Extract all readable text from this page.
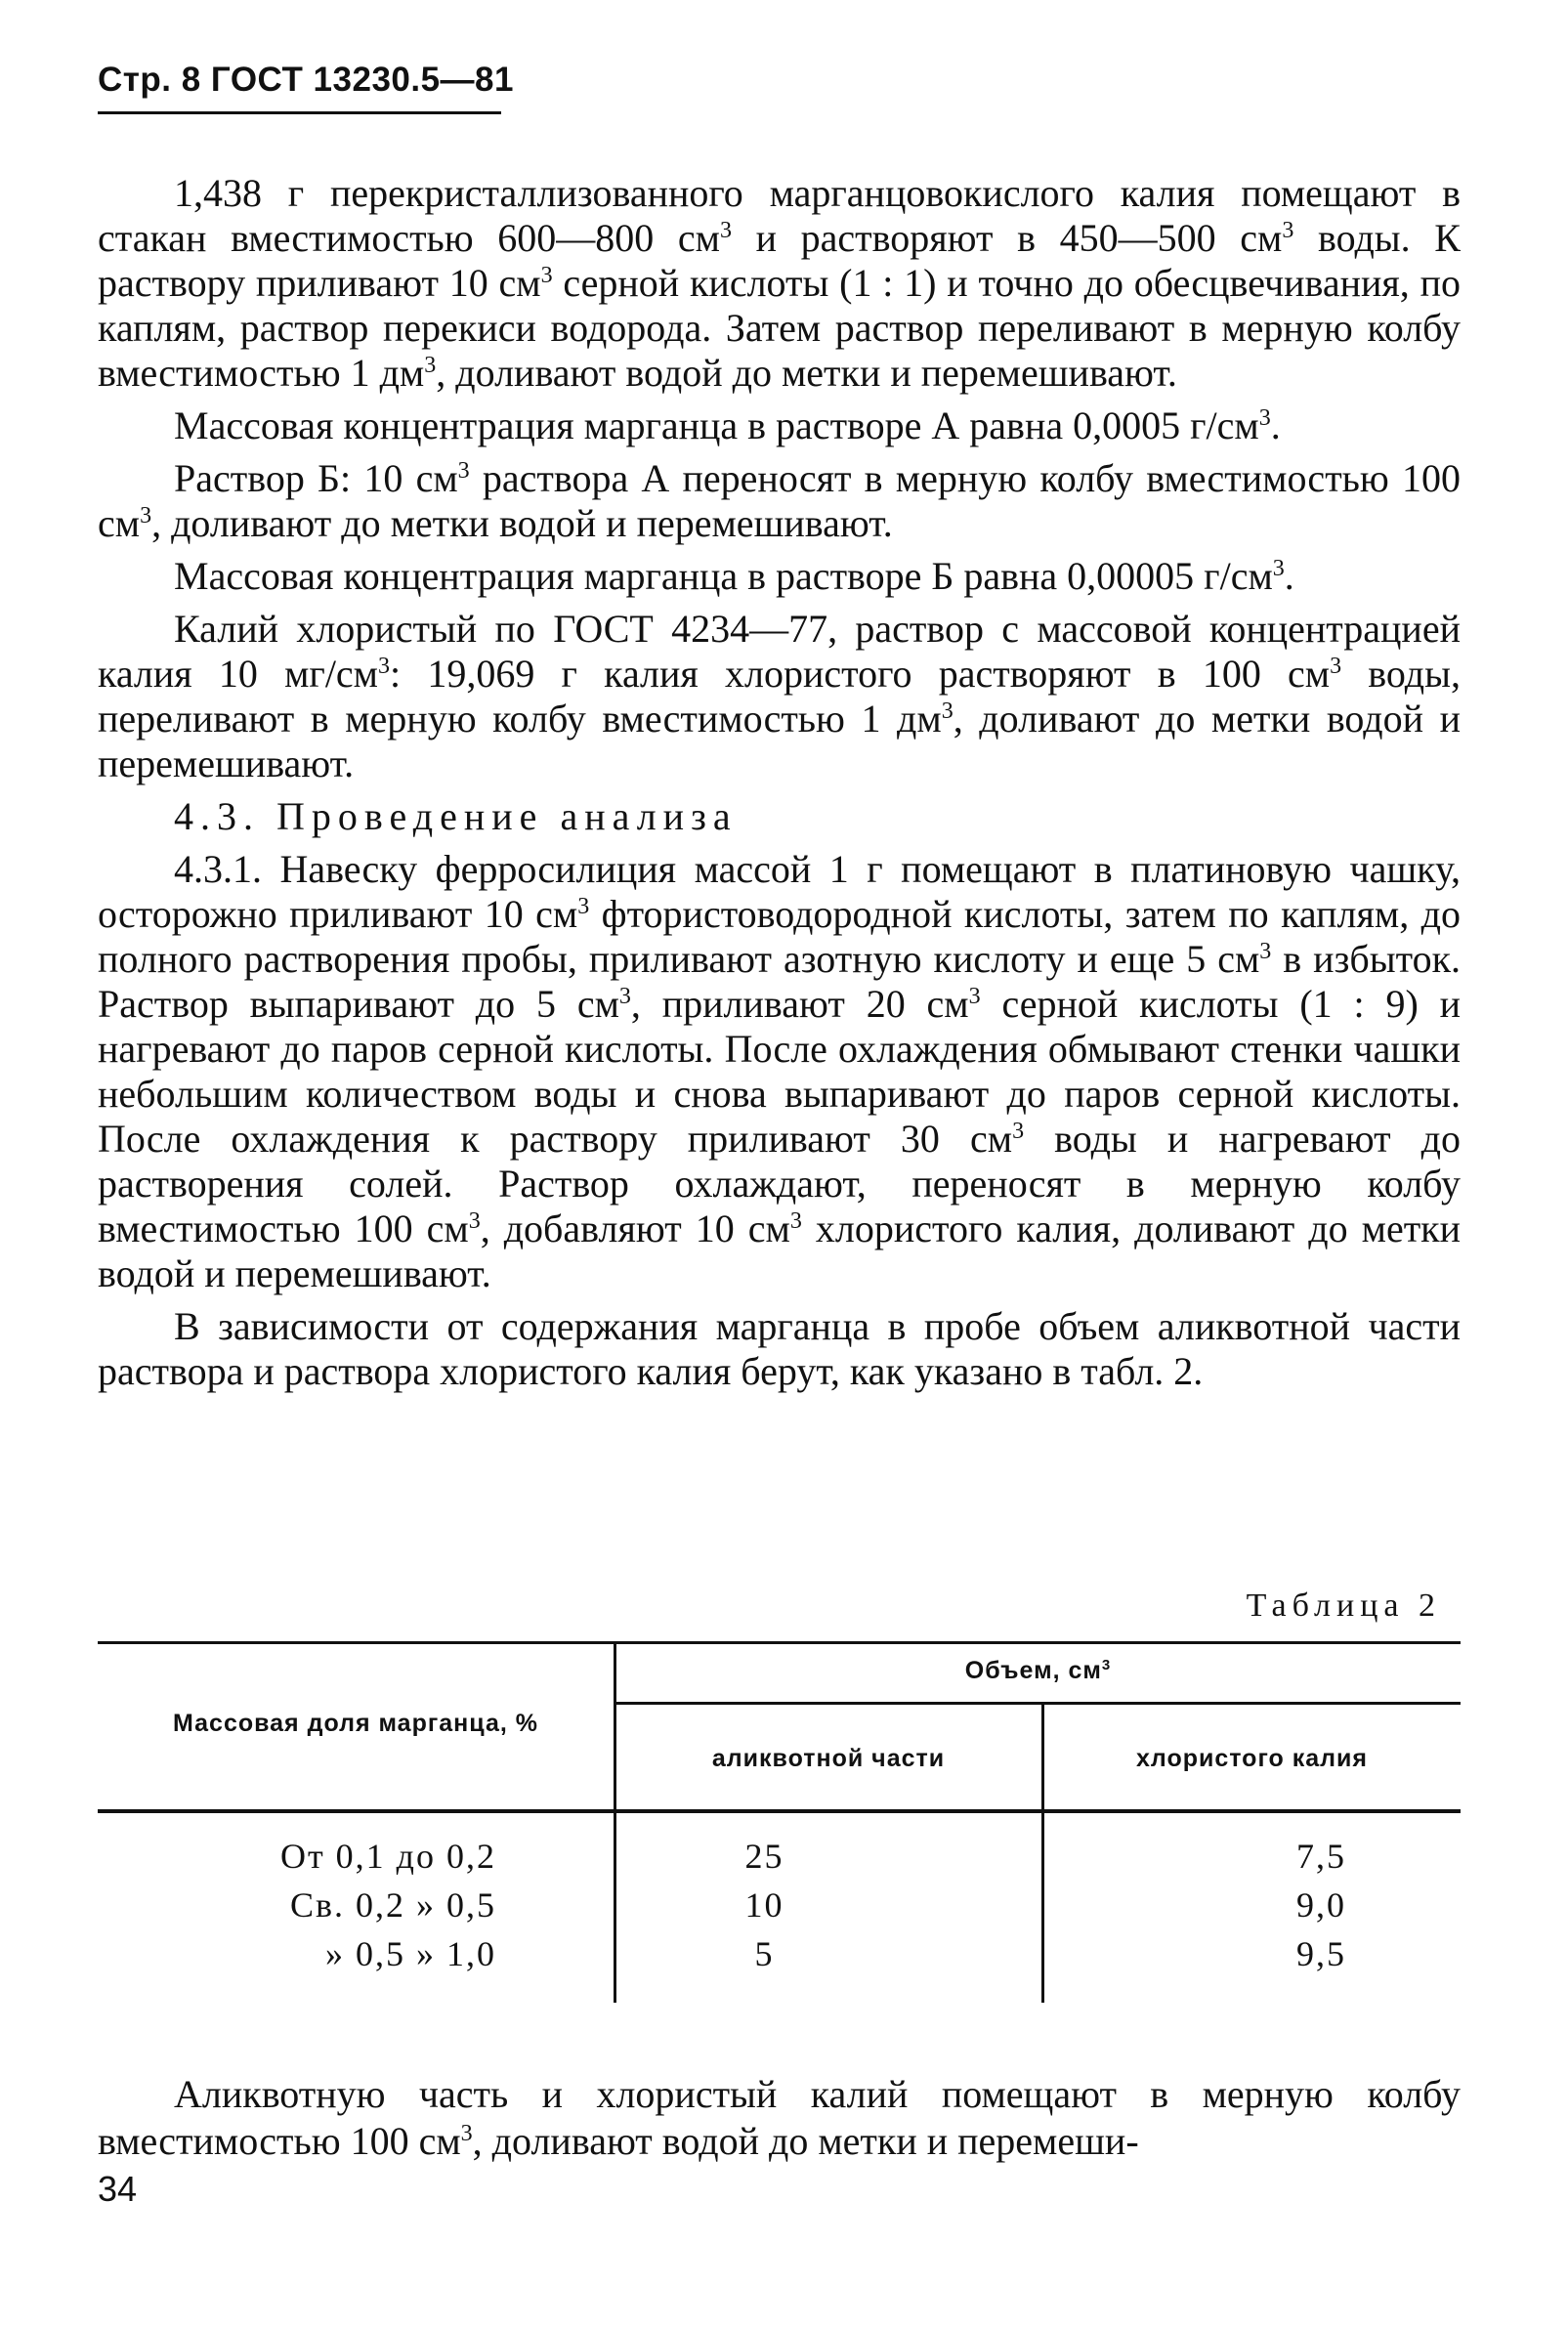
Стр. 8 ГОСТ 13230.5—81

1,438 г перекристаллизованного марганцовокислого калия помещают в стакан вместимостью 600—800 $см^3$ и растворяют в 450—500 $см^3$ воды. К раствору приливают 10 $см^3$ серной кислоты (1 : 1) и точно до обесцвечивания, по каплям, раствор перекиси водорода. Затем раствор переливают в мерную колбу вместимостью 1 $дм^3$, доливают водой до метки и перемешивают.

Массовая концентрация марганца в растворе А равна 0,0005 $г/см^3$.

Раствор Б: 10 $см^3$ раствора А переносят в мерную колбу вместимостью 100 $см^3$, доливают до метки водой и перемешивают.

Массовая концентрация марганца в растворе Б равна 0,00005 $г/см^3$.

Калий хлористый по ГОСТ 4234—77, раствор с массовой концентрацией калия 10 $мг/см^3$: 19,069 г калия хлористого растворяют в 100 $см^3$ воды, переливают в мерную колбу вместимостью 1 $дм^3$, доливают до метки водой и перемешивают.

4.3. Проведение анализа

4.3.1. Навеску ферросилиция массой 1 г помещают в платиновую чашку, осторожно приливают 10 $см^3$ фтористоводородной кислоты, затем по каплям, до полного растворения пробы, приливают азотную кислоту и еще 5 $см^3$ в избыток. Раствор выпаривают до 5 $см^3$, приливают 20 $см^3$ серной кислоты (1 : 9) и нагревают до паров серной кислоты. После охлаждения обмывают стенки чашки небольшим количеством воды и снова выпаривают до паров серной кислоты. После охлаждения к раствору приливают 30 $см^3$ воды и нагревают до растворения солей. Раствор охлаждают, переносят в мерную колбу вместимостью 100 $см^3$, добавляют 10 $см^3$ хлористого калия, доливают до метки водой и перемешивают.

В зависимости от содержания марганца в пробе объем аликвотной части раствора и раствора хлористого калия берут, как указано в табл. 2.

Таблица 2
Массовая доля марганца, %
Объем, $см^3$
аликвотной части	хлористого калия
От 0,1 до 0,2	25	7,5
Св. 0,2 » 0,5	10	9,0
» 0,5 » 1,0	5	9,5

Аликвотную часть и хлористый калий помещают в мерную колбу вместимостью 100 $см^3$, доливают водой до метки и перемеши-

34
